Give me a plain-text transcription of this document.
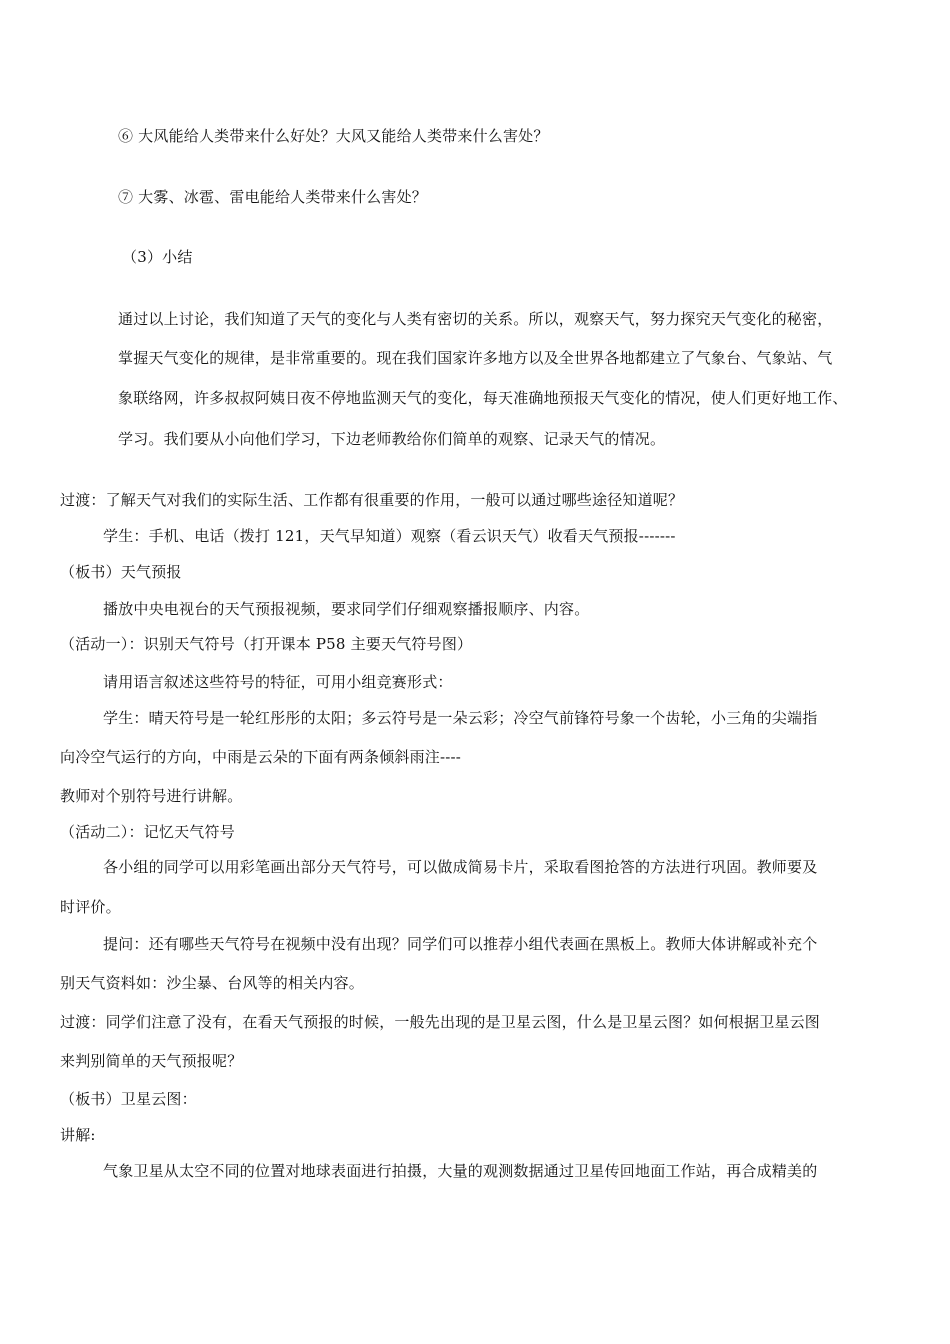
⑥ 大风能给人类带来什么好处？大风又能给人类带来什么害处？
⑦ 大雾、冰雹、雷电能给人类带来什么害处？
（3）小结
通过以上讨论，我们知道了天气的变化与人类有密切的关系。所以，观察天气，努力探究天气变化的秘密，
掌握天气变化的规律，是非常重要的。现在我们国家许多地方以及全世界各地都建立了气象台、气象站、气
象联络网，许多叔叔阿姨日夜不停地监测天气的变化，每天准确地预报天气变化的情况，使人们更好地工作、
学习。我们要从小向他们学习，下边老师教给你们简单的观察、记录天气的情况。
过渡：了解天气对我们的实际生活、工作都有很重要的作用，一般可以通过哪些途径知道呢？
学生：手机、电话（拨打 121，天气早知道）观察（看云识天气）收看天气预报-------
（板书）天气预报
播放中央电视台的天气预报视频，要求同学们仔细观察播报顺序、内容。
（活动一）：识别天气符号（打开课本 P58 主要天气符号图）
请用语言叙述这些符号的特征，可用小组竞赛形式：
学生：晴天符号是一轮红彤彤的太阳；多云符号是一朵云彩；冷空气前锋符号象一个齿轮，小三角的尖端指
向冷空气运行的方向，中雨是云朵的下面有两条倾斜雨注----
教师对个别符号进行讲解。
（活动二）：记忆天气符号
各小组的同学可以用彩笔画出部分天气符号，可以做成简易卡片，采取看图抢答的方法进行巩固。教师要及
时评价。
提问：还有哪些天气符号在视频中没有出现？同学们可以推荐小组代表画在黑板上。教师大体讲解或补充个
别天气资料如：沙尘暴、台风等的相关内容。
过渡：同学们注意了没有，在看天气预报的时候，一般先出现的是卫星云图，什么是卫星云图？如何根据卫星云图
来判别简单的天气预报呢？
（板书）卫星云图：
讲解:
气象卫星从太空不同的位置对地球表面进行拍摄，大量的观测数据通过卫星传回地面工作站，再合成精美的
